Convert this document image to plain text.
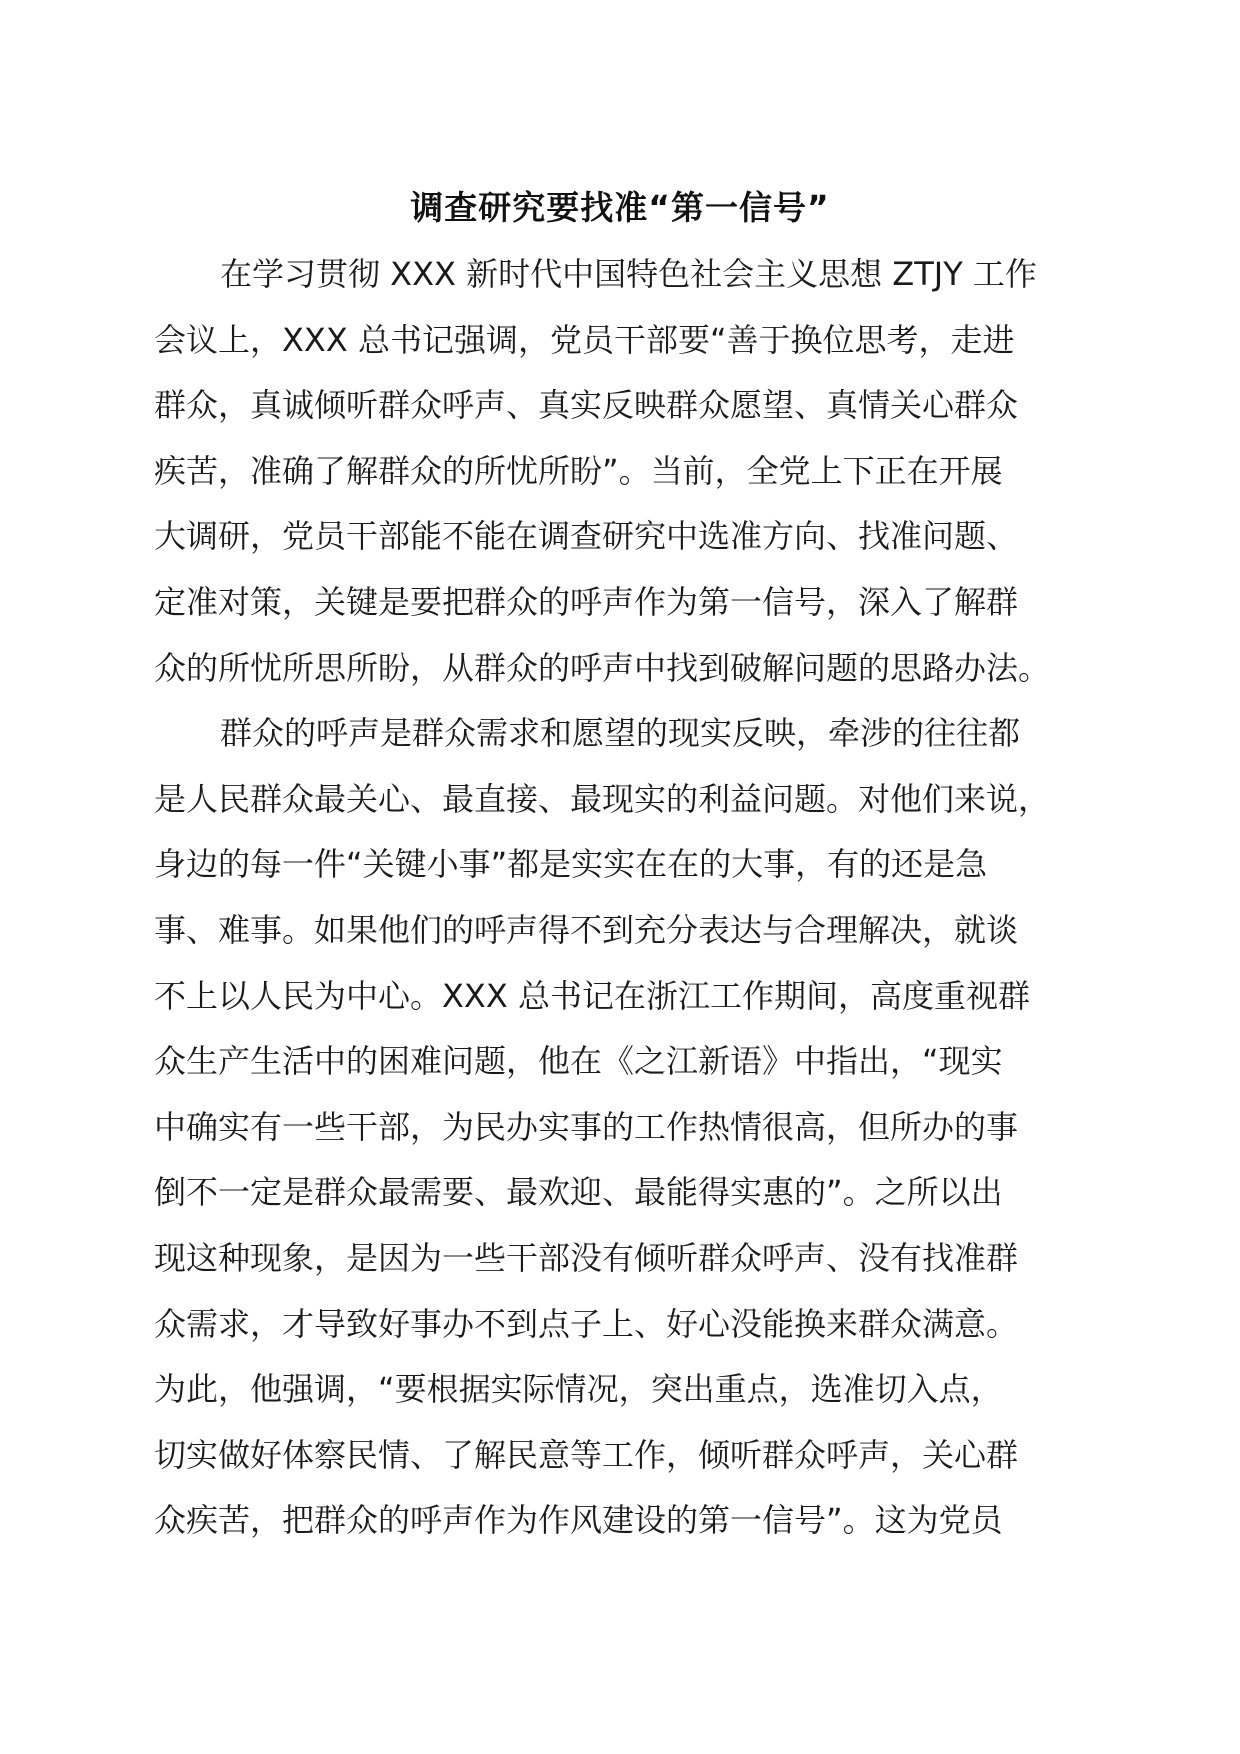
调查研究要找准“第一信号”
在学习贯彻 XXX 新时代中国特色社会主义思想 ZTJY 工作
会议上，XXX 总书记强调，党员干部要“善于换位思考，走进
群众，真诚倾听群众呼声、真实反映群众愿望、真情关心群众
疾苦，准确了解群众的所忧所盼”。当前，全党上下正在开展
大调研，党员干部能不能在调查研究中选准方向、找准问题、
定准对策，关键是要把群众的呼声作为第一信号，深入了解群
众的所忧所思所盼，从群众的呼声中找到破解问题的思路办法。
群众的呼声是群众需求和愿望的现实反映，牵涉的往往都
是人民群众最关心、最直接、最现实的利益问题。对他们来说，
身边的每一件“关键小事”都是实实在在的大事，有的还是急
事、难事。如果他们的呼声得不到充分表达与合理解决，就谈
不上以人民为中心。XXX 总书记在浙江工作期间，高度重视群
众生产生活中的困难问题，他在《之江新语》中指出，“现实
中确实有一些干部，为民办实事的工作热情很高，但所办的事
倒不一定是群众最需要、最欢迎、最能得实惠的”。之所以出
现这种现象，是因为一些干部没有倾听群众呼声、没有找准群
众需求，才导致好事办不到点子上、好心没能换来群众满意。
为此，他强调，“要根据实际情况，突出重点，选准切入点，
切实做好体察民情、了解民意等工作，倾听群众呼声，关心群
众疾苦，把群众的呼声作为作风建设的第一信号”。这为党员
